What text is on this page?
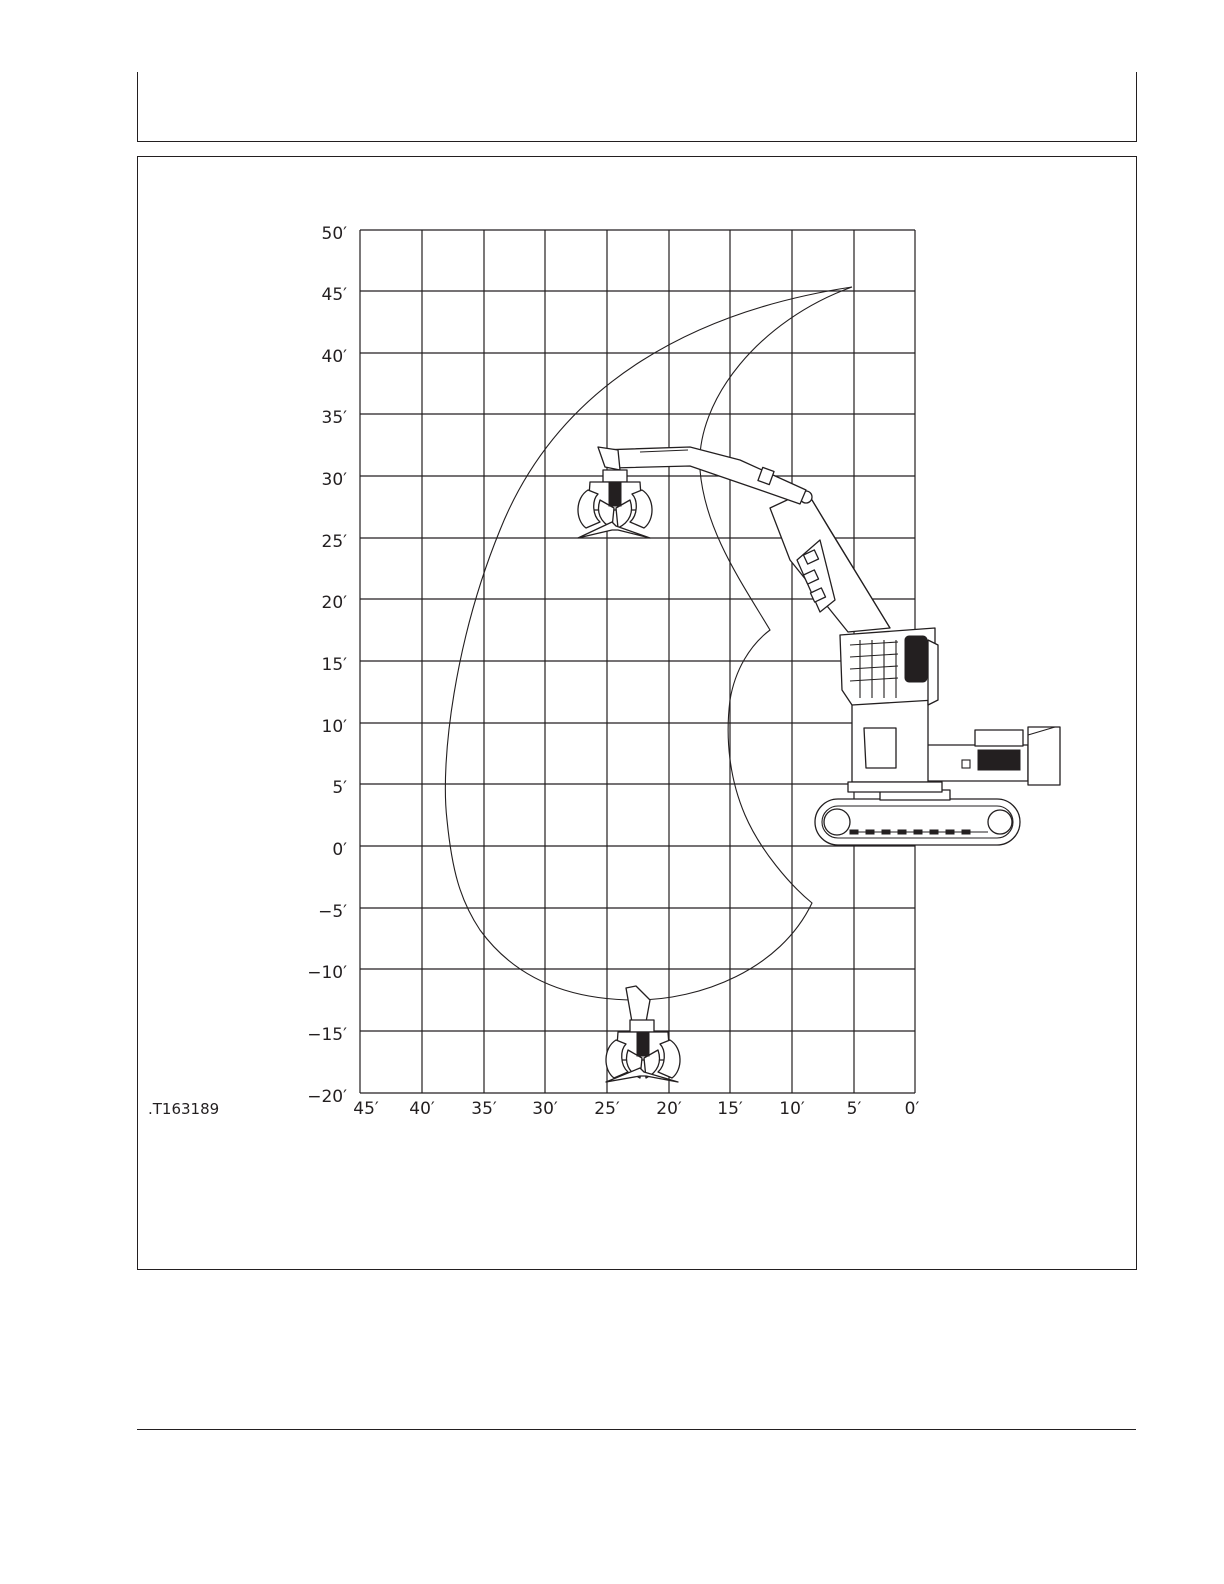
50′
45′
40′
35′
30′
25′
20′
15′
10′
5′
0′
−5′
−10′
−15′
−20′
45′ 40′ 35′ 30′ 25′ 20′ 15′ 10′ 5′	0′
.T163189
